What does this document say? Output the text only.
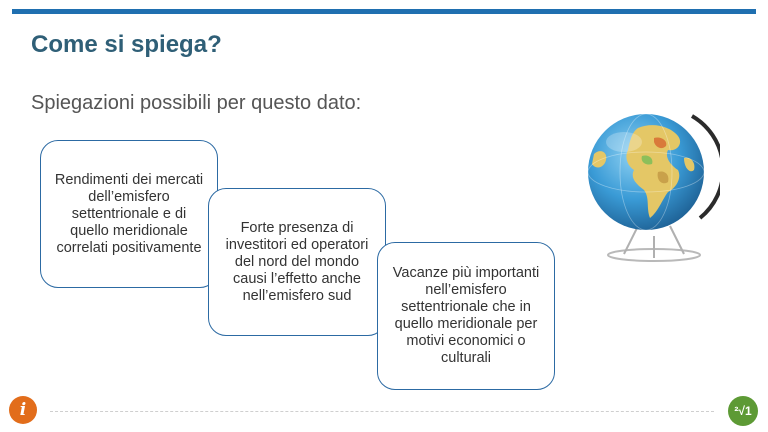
Come si spiega?
Spiegazioni possibili per questo dato:
Rendimenti dei mercati dell’emisfero settentrionale e di quello meridionale correlati positivamente
Forte presenza di investitori ed operatori del nord del mondo causi l’effetto anche nell’emisfero sud
Vacanze più importanti nell’emisfero settentrionale che in quello meridionale per motivi economici o culturali
i	²√1
